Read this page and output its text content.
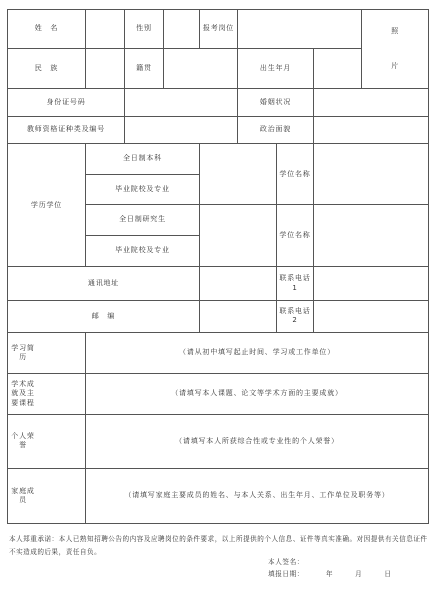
姓　名		性别		报考岗位				照
片

民　族		籍贯			出生年月			
身份证号码					婚姻状况			
教师资格证种类及编号					政治面貌			

学历学位	全日制本科					学位名称		
	毕业院校及专业							
	全日制研究生					学位名称		
	毕业院校及专业							
通讯地址						联系电话1		
邮　编						联系电话2		

学习简历	（请从初中填写起止时间、学习或工作单位）							

学术成就及主要课程	（请填写本人课题、论文等学术方面的主要成就）							

个人荣誉	（请填写本人所获综合性或专业性的个人荣誉）							

家庭成员	（请填写家庭主要成员的姓名、与本人关系、出生年月、工作单位及职务等）							
本人郑重承诺：本人已熟知招聘公告的内容及应聘岗位的条件要求，以上所提供的个人信息、证件等真实准确。对因提供有关信息证件不实造成的后果，责任自负。
本人签名：
填报日期：	年	月	日
